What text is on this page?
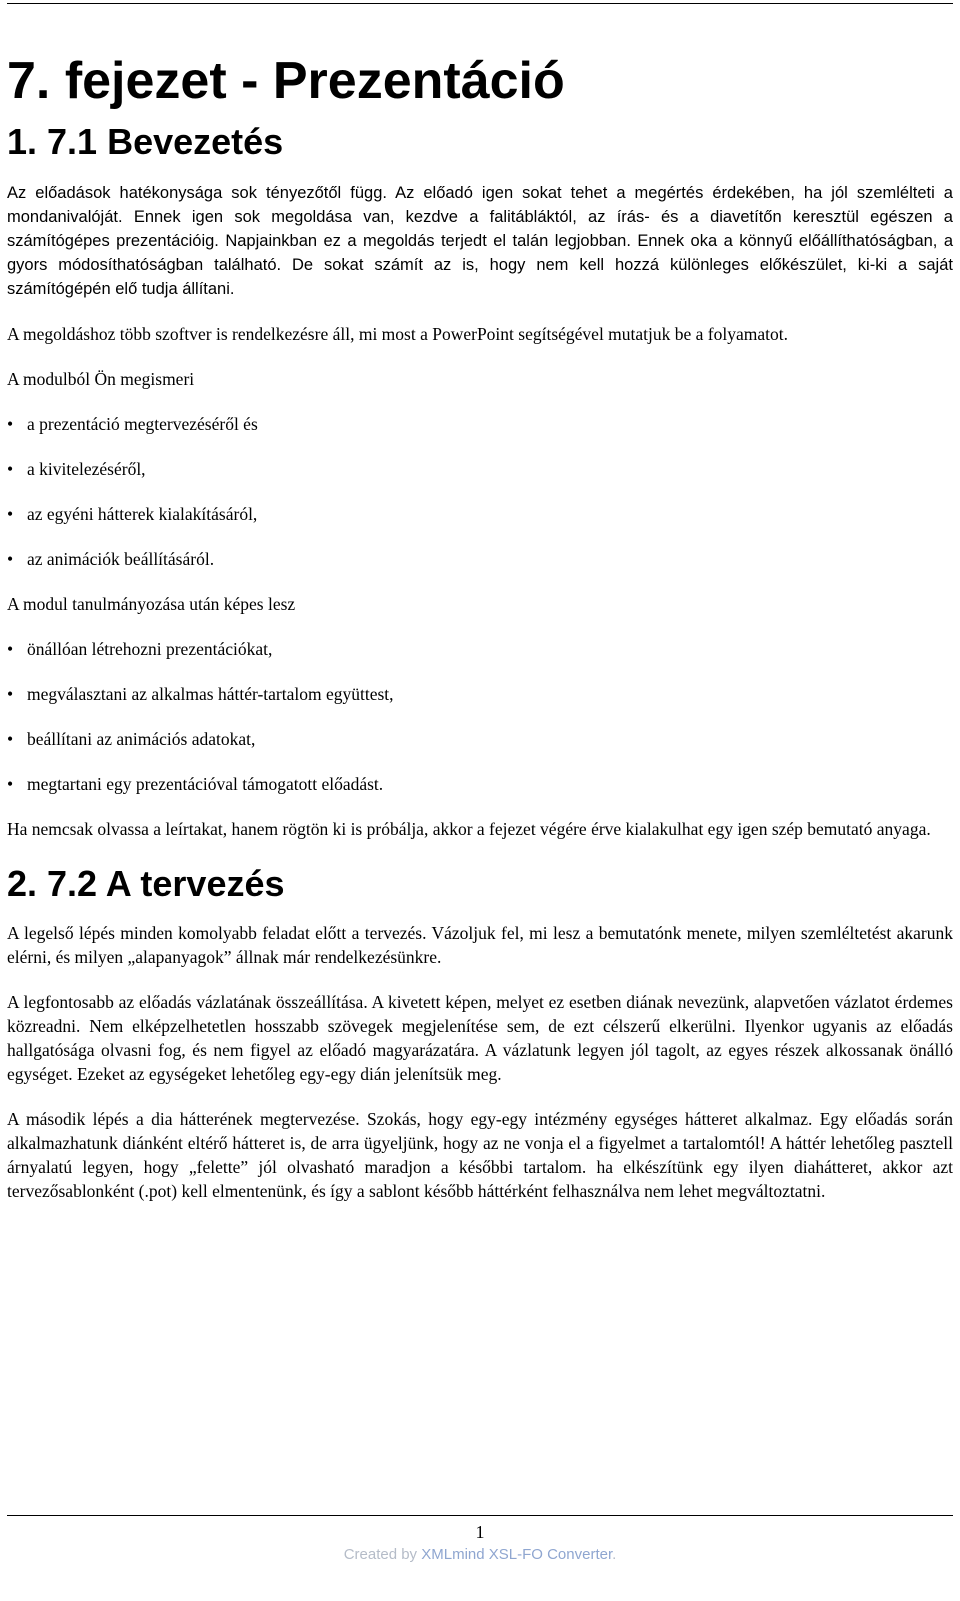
7. fejezet - Prezentáció
1. 7.1 Bevezetés

Az előadások hatékonysága sok tényezőtől függ. Az előadó igen sokat tehet a megértés érdekében, ha jól szemlélteti a mondanivalóját. Ennek igen sok megoldása van, kezdve a falitábláktól, az írás- és a diavetítőn keresztül egészen a számítógépes prezentációig. Napjainkban ez a megoldás terjedt el talán legjobban. Ennek oka a könnyű előállíthatóságban, a gyors módosíthatóságban található. De sokat számít az is, hogy nem kell hozzá különleges előkészület, ki-ki a saját számítógépén elő tudja állítani.

A megoldáshoz több szoftver is rendelkezésre áll, mi most a PowerPoint segítségével mutatjuk be a folyamatot.

A modulból Ön megismeri

• a prezentáció megtervezéséről és
• a kivitelezéséről,
• az egyéni hátterek kialakításáról,
• az animációk beállításáról.

A modul tanulmányozása után képes lesz

• önállóan létrehozni prezentációkat,
• megválasztani az alkalmas háttér-tartalom együttest,
• beállítani az animációs adatokat,
• megtartani egy prezentációval támogatott előadást.

Ha nemcsak olvassa a leírtakat, hanem rögtön ki is próbálja, akkor a fejezet végére érve kialakulhat egy igen szép bemutató anyaga.

2. 7.2 A tervezés

A legelső lépés minden komolyabb feladat előtt a tervezés. Vázoljuk fel, mi lesz a bemutatónk menete, milyen szemléltetést akarunk elérni, és milyen „alapanyagok” állnak már rendelkezésünkre.

A legfontosabb az előadás vázlatának összeállítása. A kivetett képen, melyet ez esetben diának nevezünk, alapvetően vázlatot érdemes közreadni. Nem elképzelhetetlen hosszabb szövegek megjelenítése sem, de ezt célszerű elkerülni. Ilyenkor ugyanis az előadás hallgatósága olvasni fog, és nem figyel az előadó magyarázatára. A vázlatunk legyen jól tagolt, az egyes részek alkossanak önálló egységet. Ezeket az egységeket lehetőleg egy-egy dián jelenítsük meg.

A második lépés a dia hátterének megtervezése. Szokás, hogy egy-egy intézmény egységes hátteret alkalmaz. Egy előadás során alkalmazhatunk diánként eltérő hátteret is, de arra ügyeljünk, hogy az ne vonja el a figyelmet a tartalomtól! A háttér lehetőleg pasztell árnyalatú legyen, hogy „felette” jól olvasható maradjon a későbbi tartalom. ha elkészítünk egy ilyen diahátteret, akkor azt tervezősablonként (.pot) kell elmentenünk, és így a sablont később háttérként felhasználva nem lehet megváltoztatni.

1
Created by XMLmind XSL-FO Converter.
